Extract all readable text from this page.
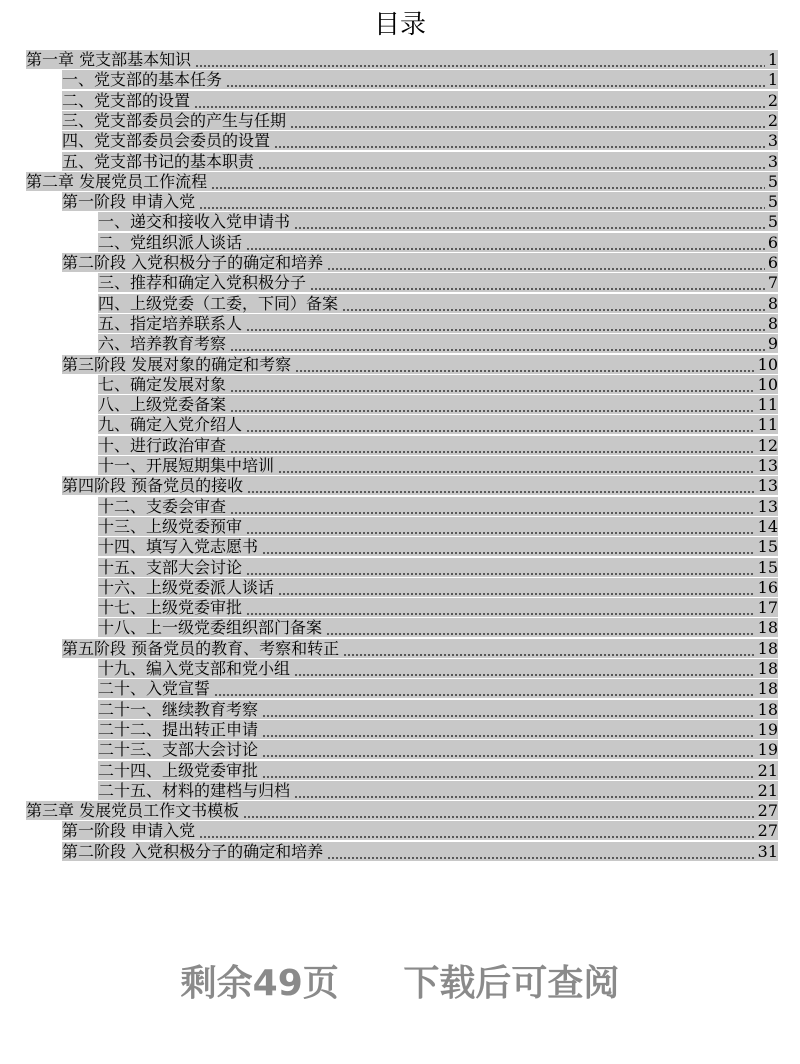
目录
第一章 党支部基本知识	1
一、党支部的基本任务	1
二、党支部的设置	2
三、党支部委员会的产生与任期	2
四、党支部委员会委员的设置	3
五、党支部书记的基本职责	3
第二章 发展党员工作流程	5
第一阶段 申请入党	5
一、递交和接收入党申请书	5
二、党组织派人谈话	6
第二阶段 入党积极分子的确定和培养	6
三、推荐和确定入党积极分子	7
四、上级党委（工委，下同）备案	8
五、指定培养联系人	8
六、培养教育考察	9
第三阶段 发展对象的确定和考察	10
七、确定发展对象	10
八、上级党委备案	11
九、确定入党介绍人	11
十、进行政治审查	12
十一、开展短期集中培训	13
第四阶段 预备党员的接收	13
十二、支委会审查	13
十三、上级党委预审	14
十四、填写入党志愿书	15
十五、支部大会讨论	15
十六、上级党委派人谈话	16
十七、上级党委审批	17
十八、上一级党委组织部门备案	18
第五阶段 预备党员的教育、考察和转正	18
十九、编入党支部和党小组	18
二十、入党宣誓	18
二十一、继续教育考察	18
二十二、提出转正申请	19
二十三、支部大会讨论	19
二十四、上级党委审批	21
二十五、材料的建档与归档	21
第三章 发展党员工作文书模板	27
第一阶段 申请入党	27
第二阶段 入党积极分子的确定和培养	31
剩余49页 下载后可查阅
